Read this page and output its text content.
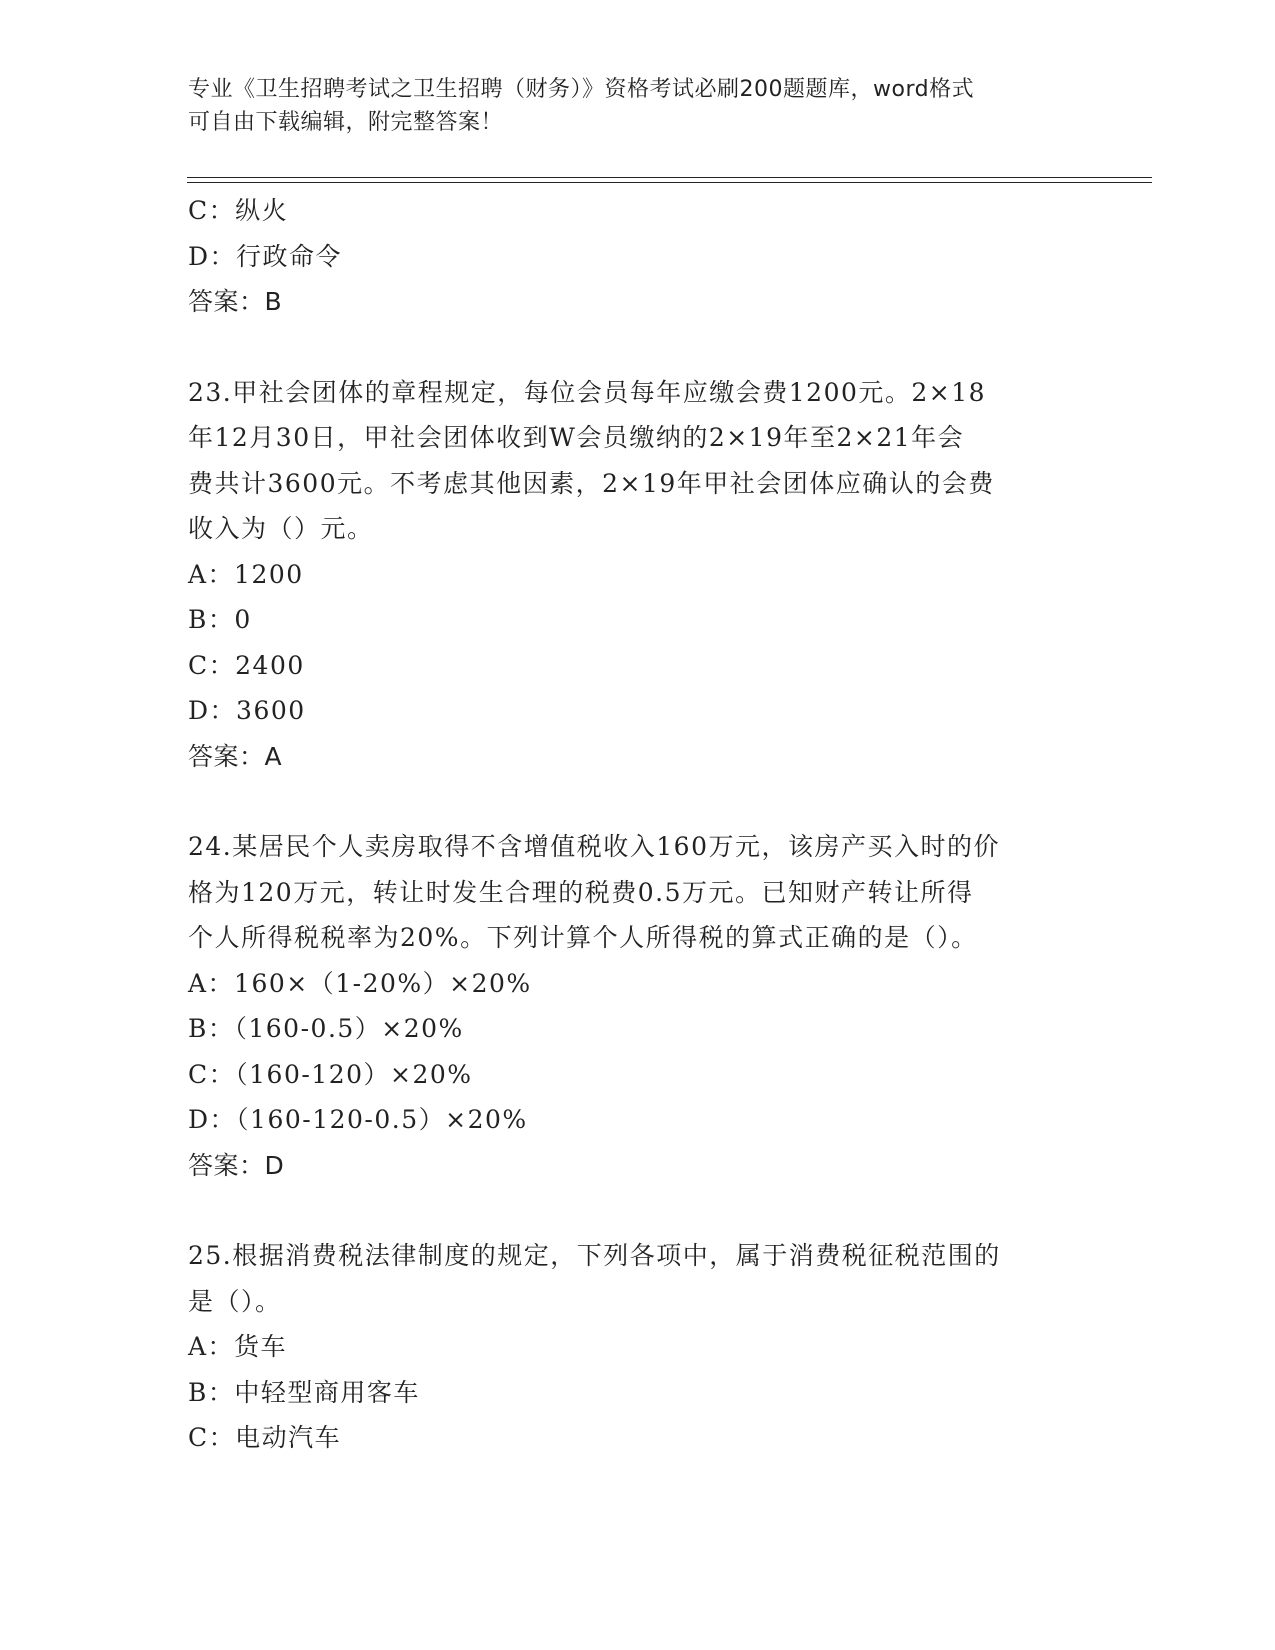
专业《卫生招聘考试之卫生招聘（财务）》资格考试必刷200题题库，word格式
可自由下载编辑，附完整答案！
C：纵火
D：行政命令
答案：B
23.甲社会团体的章程规定，每位会员每年应缴会费1200元。2×18
年12月30日，甲社会团体收到W会员缴纳的2×19年至2×21年会
费共计3600元。不考虑其他因素，2×19年甲社会团体应确认的会费
收入为（）元。
A：1200
B：0
C：2400
D：3600
答案：A
24.某居民个人卖房取得不含增值税收入160万元，该房产买入时的价
格为120万元，转让时发生合理的税费0.5万元。已知财产转让所得
个人所得税税率为20%。下列计算个人所得税的算式正确的是（）。
A：160×（1-20%）×20%
B：（160-0.5）×20%
C：（160-120）×20%
D：（160-120-0.5）×20%
答案：D
25.根据消费税法律制度的规定，下列各项中，属于消费税征税范围的
是（）。
A：货车
B：中轻型商用客车
C：电动汽车
